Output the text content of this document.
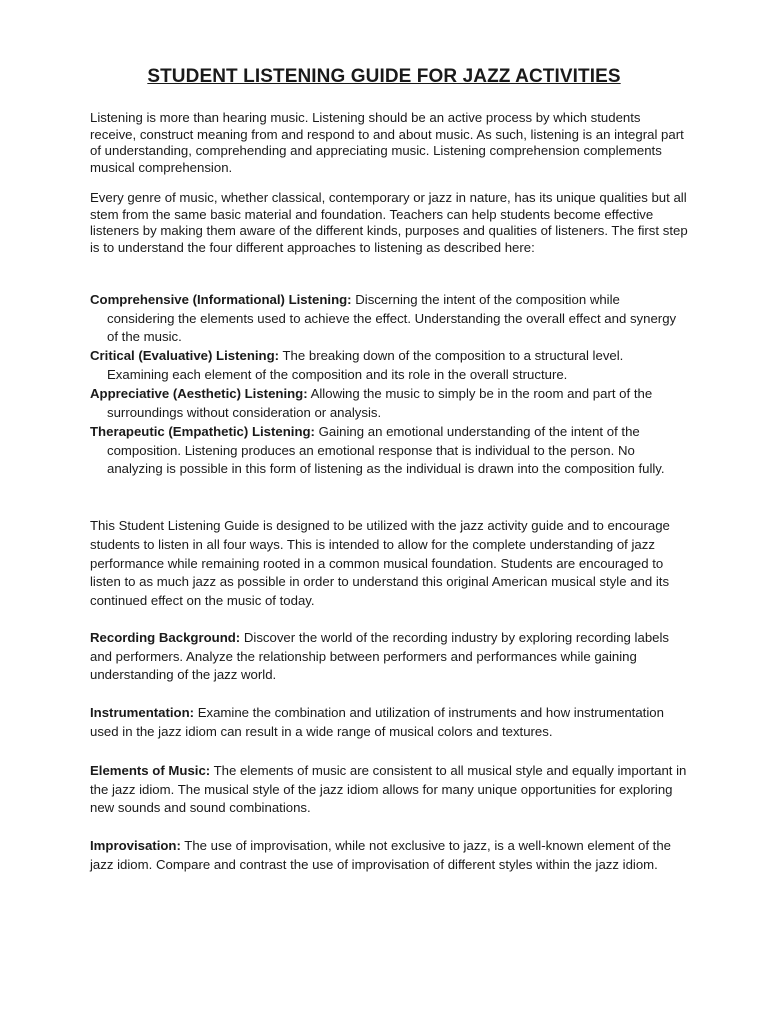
STUDENT LISTENING GUIDE FOR JAZZ ACTIVITIES

Listening is more than hearing music. Listening should be an active process by which students receive, construct meaning from and respond to and about music. As such, listening is an integral part of understanding, comprehending and appreciating music. Listening comprehension complements musical comprehension.

Every genre of music, whether classical, contemporary or jazz in nature, has its unique qualities but all stem from the same basic material and foundation. Teachers can help students become effective listeners by making them aware of the different kinds, purposes and qualities of listeners. The first step is to understand the four different approaches to listening as described here:

Comprehensive (Informational) Listening: Discerning the intent of the composition while considering the elements used to achieve the effect. Understanding the overall effect and synergy of the music.

Critical (Evaluative) Listening: The breaking down of the composition to a structural level. Examining each element of the composition and its role in the overall structure.

Appreciative (Aesthetic) Listening: Allowing the music to simply be in the room and part of the surroundings without consideration or analysis.

Therapeutic (Empathetic) Listening: Gaining an emotional understanding of the intent of the composition. Listening produces an emotional response that is individual to the person. No analyzing is possible in this form of listening as the individual is drawn into the composition fully.

This Student Listening Guide is designed to be utilized with the jazz activity guide and to encourage students to listen in all four ways. This is intended to allow for the complete understanding of jazz performance while remaining rooted in a common musical foundation. Students are encouraged to listen to as much jazz as possible in order to understand this original American musical style and its continued effect on the music of today.

Recording Background: Discover the world of the recording industry by exploring recording labels and performers. Analyze the relationship between performers and performances while gaining understanding of the jazz world.

Instrumentation: Examine the combination and utilization of instruments and how instrumentation used in the jazz idiom can result in a wide range of musical colors and textures.

Elements of Music: The elements of music are consistent to all musical style and equally important in the jazz idiom. The musical style of the jazz idiom allows for many unique opportunities for exploring new sounds and sound combinations.

Improvisation: The use of improvisation, while not exclusive to jazz, is a well-known element of the jazz idiom. Compare and contrast the use of improvisation of different styles within the jazz idiom.
